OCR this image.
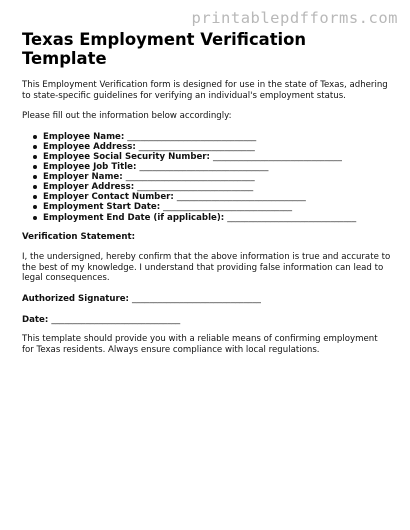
printablepdfforms.com
Texas Employment Verification Template

This Employment Verification form is designed for use in the state of Texas, adhering to state-specific guidelines for verifying an individual's employment status.

Please fill out the information below accordingly:

Employee Name: ______________________________
Employee Address: ___________________________
Employee Social Security Number: ______________________________
Employee Job Title: ______________________________
Employer Name: ______________________________
Employer Address: ___________________________
Employer Contact Number: ______________________________
Employment Start Date: ______________________________
Employment End Date (if applicable): ______________________________

Verification Statement:

I, the undersigned, hereby confirm that the above information is true and accurate to the best of my knowledge. I understand that providing false information can lead to legal consequences.

Authorized Signature: ______________________________

Date: ______________________________

This template should provide you with a reliable means of confirming employment for Texas residents. Always ensure compliance with local regulations.
